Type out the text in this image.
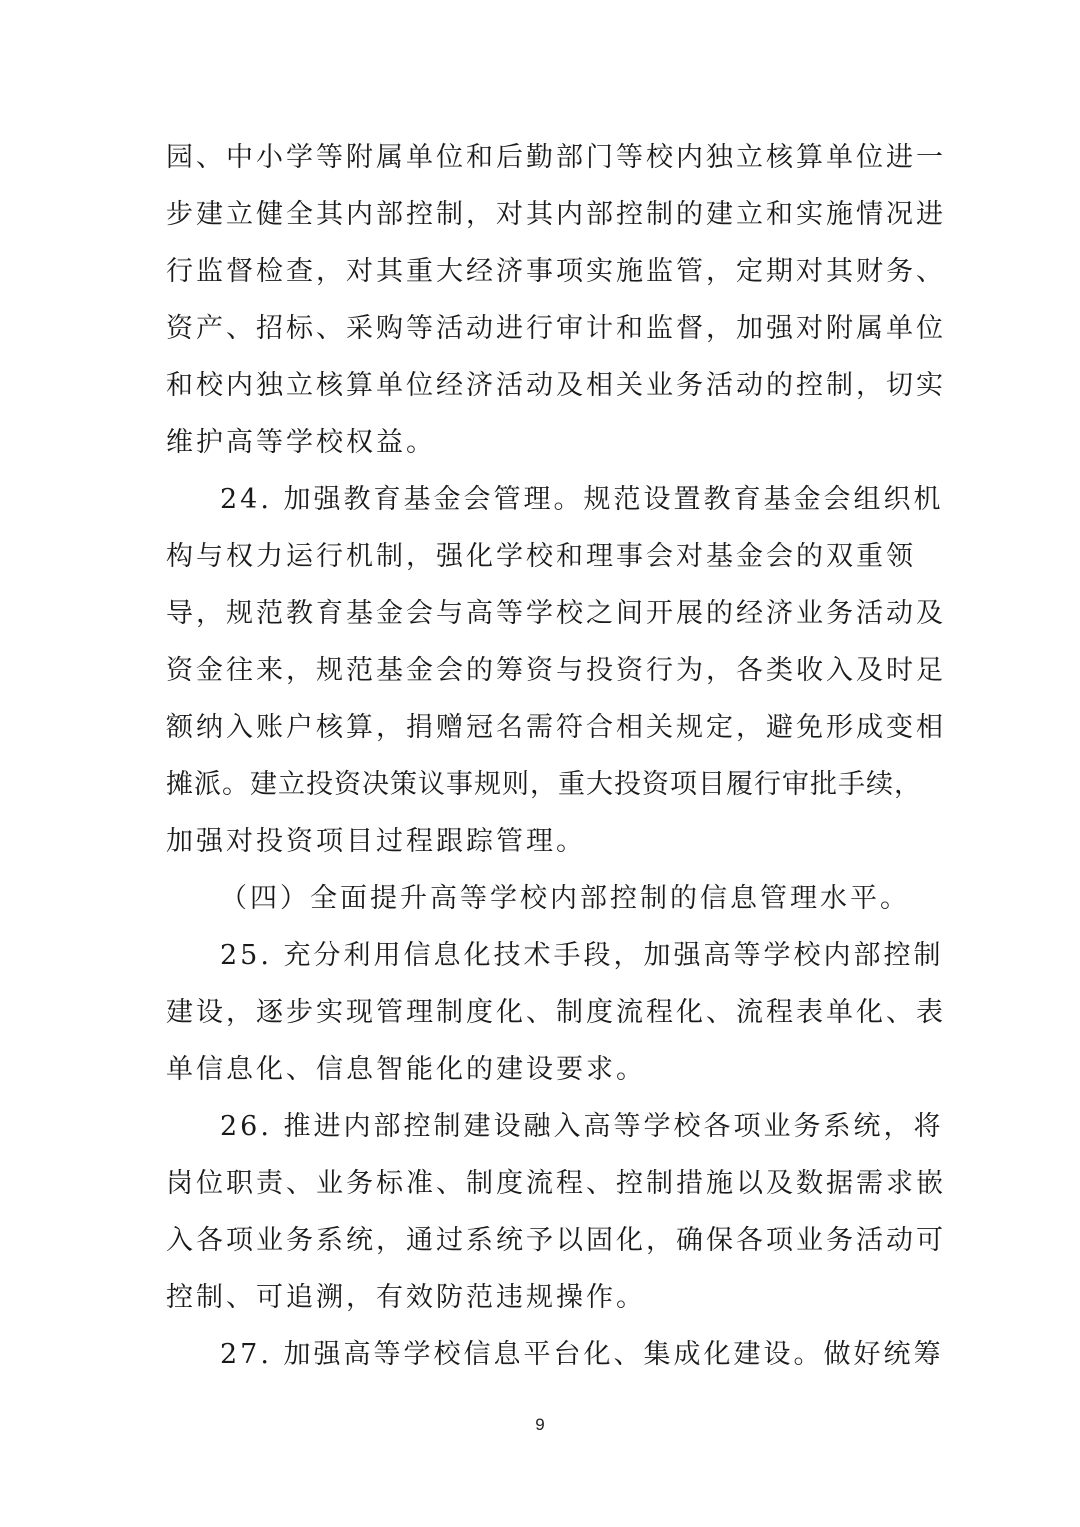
园、中小学等附属单位和后勤部门等校内独立核算单位进一
步建立健全其内部控制，对其内部控制的建立和实施情况进
行监督检查，对其重大经济事项实施监管，定期对其财务、
资产、招标、采购等活动进行审计和监督，加强对附属单位
和校内独立核算单位经济活动及相关业务活动的控制，切实
维护高等学校权益。
24. 加强教育基金会管理。规范设置教育基金会组织机
构与权力运行机制，强化学校和理事会对基金会的双重领
导，规范教育基金会与高等学校之间开展的经济业务活动及
资金往来，规范基金会的筹资与投资行为，各类收入及时足
额纳入账户核算，捐赠冠名需符合相关规定，避免形成变相
摊派。建立投资决策议事规则，重大投资项目履行审批手续，
加强对投资项目过程跟踪管理。
（四）全面提升高等学校内部控制的信息管理水平。
25. 充分利用信息化技术手段，加强高等学校内部控制
建设，逐步实现管理制度化、制度流程化、流程表单化、表
单信息化、信息智能化的建设要求。
26. 推进内部控制建设融入高等学校各项业务系统，将
岗位职责、业务标准、制度流程、控制措施以及数据需求嵌
入各项业务系统，通过系统予以固化，确保各项业务活动可
控制、可追溯，有效防范违规操作。
27. 加强高等学校信息平台化、集成化建设。做好统筹
9
